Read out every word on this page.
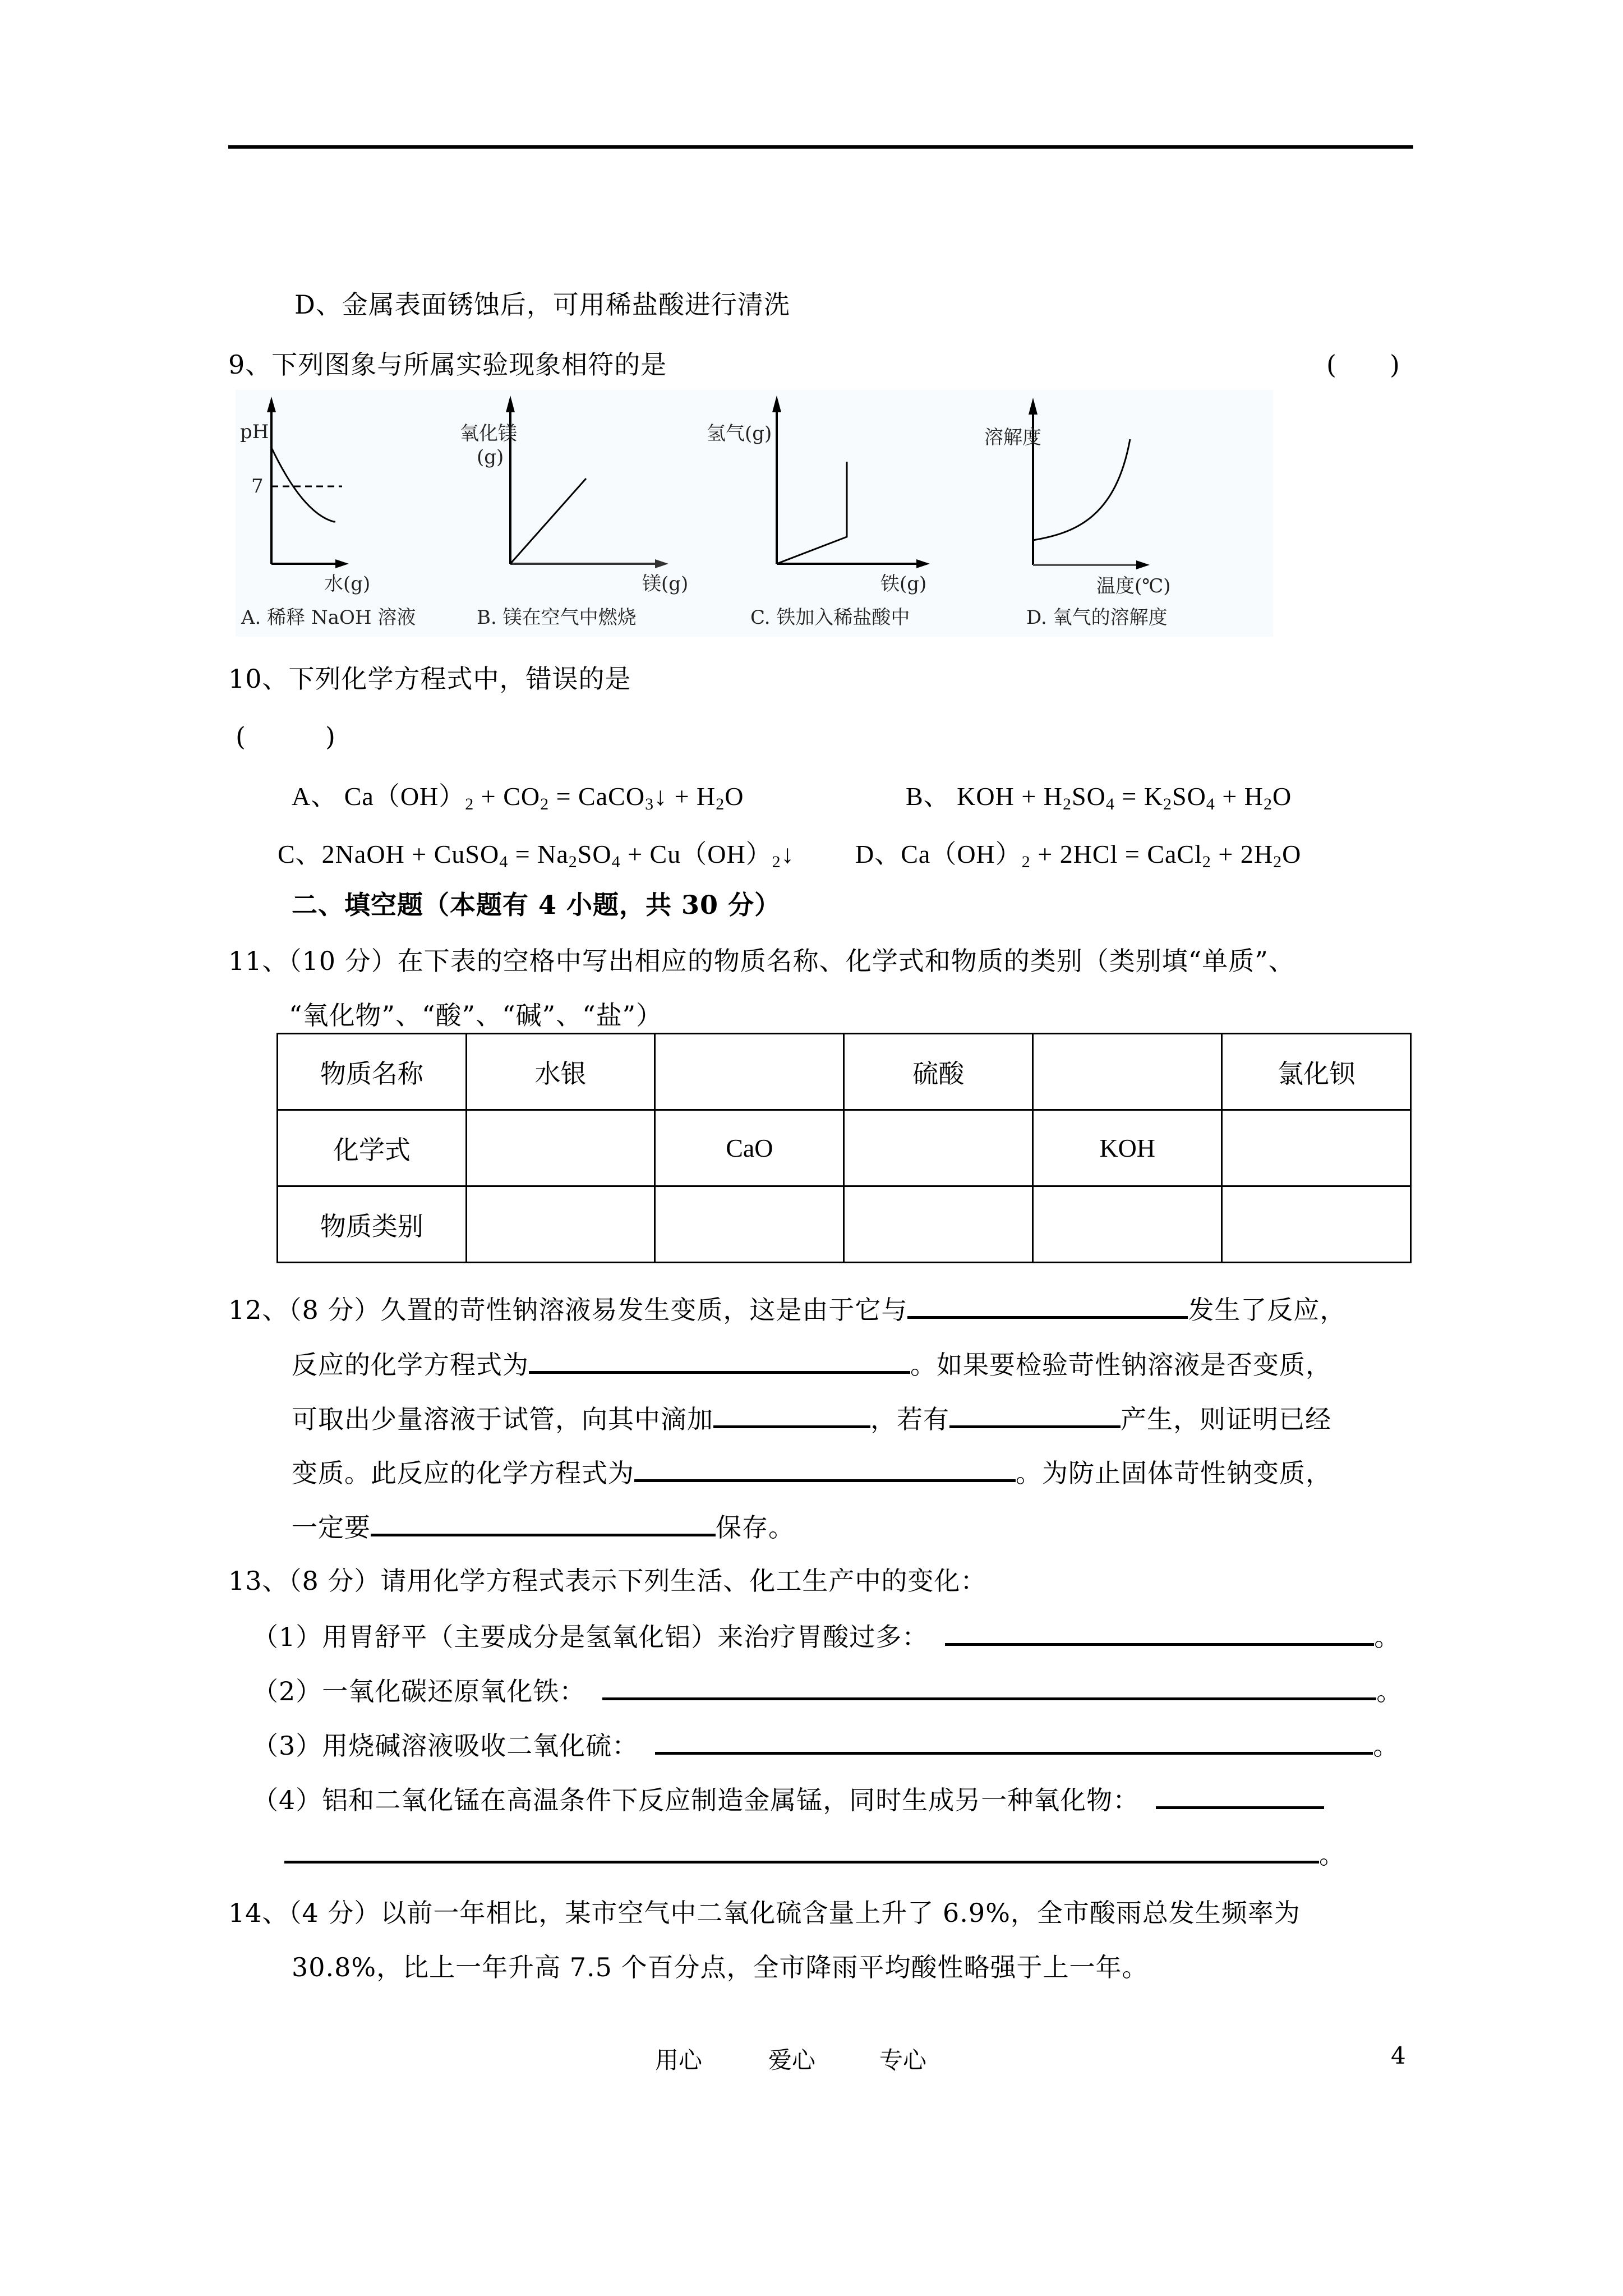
D、金属表面锈蚀后，可用稀盐酸进行清洗
9、下列图象与所属实验现象相符的是	(　　)
pH
7
水(g)
A. 稀释 NaOH 溶液
氧化镁
(g)
镁(g)
B. 镁在空气中燃烧
氢气(g)
铁(g)
C. 铁加入稀盐酸中
溶解度
温度(℃)
D. 氧气的溶解度
10、下列化学方程式中，错误的是
(　　　)
A、 $Ca(OH)_2 + CO_2$ = CaCO$_3$↓ + $H_2O$	B、 KOH + $H_2SO_4 = K_2SO_4 + H_2O$
C、2NaOH + CuSO$_4$ = $Na_2SO_4$ + $Cu(OH)_2↓$ D、$Ca(OH)_2 + 2HCl$ = CaCl$_2$ + $2H_2O$
二、填空题（本题有 4 小题，共 30 分）
11、（10 分）在下表的空格中写出相应的物质名称、化学式和物质的类别（类别填“单质”、
“氧化物”、“酸”、“碱”、“盐”）
物质名称	水银		硫酸		氯化钡
化学式		CaO		KOH	
物质类别					
12、（8 分）久置的苛性钠溶液易发生变质，这是由于它与	发生了反应，
反应的化学方程式为	。如果要检验苛性钠溶液是否变质，
可取出少量溶液于试管，向其中滴加	，若有	产生，则证明已经
变质。此反应的化学方程式为	。为防止固体苛性钠变质，
一定要	保存。
13、（8 分）请用化学方程式表示下列生活、化工生产中的变化：
（1）用胃舒平（主要成分是氢氧化铝）来治疗胃酸过多：	。
（2）一氧化碳还原氧化铁：	。
（3）用烧碱溶液吸收二氧化硫：	。
（4）铝和二氧化锰在高温条件下反应制造金属锰，同时生成另一种氧化物：
。
14、（4 分）以前一年相比，某市空气中二氧化硫含量上升了 6.9%，全市酸雨总发生频率为
30.8%，比上一年升高 7.5 个百分点，全市降雨平均酸性略强于上一年。
用心	爱心	专心	4
